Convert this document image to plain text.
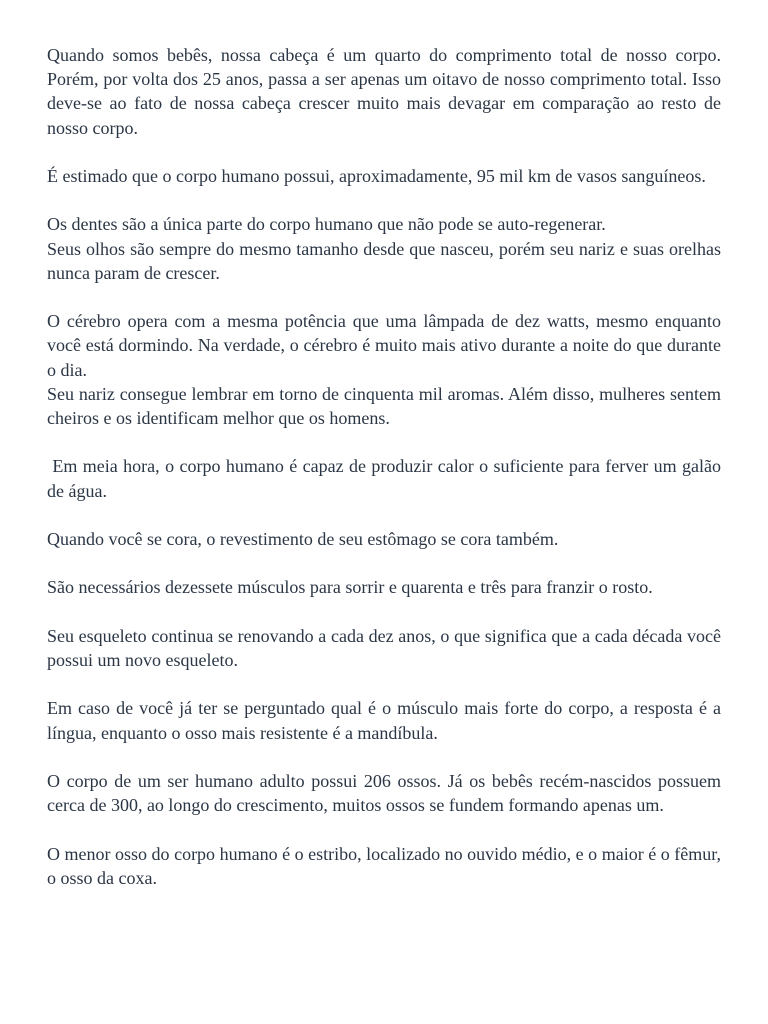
Quando somos bebês, nossa cabeça é um quarto do comprimento total de nosso corpo. Porém, por volta dos 25 anos, passa a ser apenas um oitavo de nosso comprimento total. Isso deve-se ao fato de nossa cabeça crescer muito mais devagar em comparação ao resto de nosso corpo.
É estimado que o corpo humano possui, aproximadamente, 95 mil km de vasos sanguíneos.
Os dentes são a única parte do corpo humano que não pode se auto-regenerar.
Seus olhos são sempre do mesmo tamanho desde que nasceu, porém seu nariz e suas orelhas nunca param de crescer.
O cérebro opera com a mesma potência que uma lâmpada de dez watts, mesmo enquanto você está dormindo. Na verdade, o cérebro é muito mais ativo durante a noite do que durante o dia.
Seu nariz consegue lembrar em torno de cinquenta mil aromas. Além disso, mulheres sentem cheiros e os identificam melhor que os homens.
Em meia hora, o corpo humano é capaz de produzir calor o suficiente para ferver um galão de água.
Quando você se cora, o revestimento de seu estômago se cora também.
São necessários dezessete músculos para sorrir e quarenta e três para franzir o rosto.
Seu esqueleto continua se renovando a cada dez anos, o que significa que a cada década você possui um novo esqueleto.
Em caso de você já ter se perguntado qual é o músculo mais forte do corpo, a resposta é a língua, enquanto o osso mais resistente é a mandíbula.
O corpo de um ser humano adulto possui 206 ossos. Já os bebês recém-nascidos possuem cerca de 300, ao longo do crescimento, muitos ossos se fundem formando apenas um.
O menor osso do corpo humano é o estribo, localizado no ouvido médio, e o maior é o fêmur, o osso da coxa.
